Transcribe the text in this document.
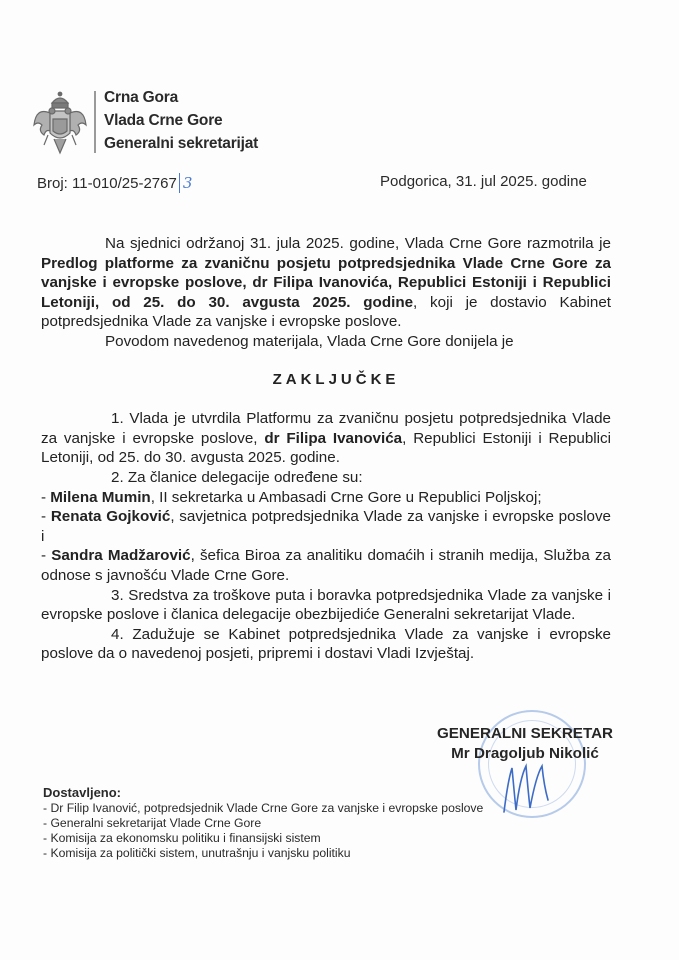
Crna Gora
Vlada Crne Gore
Generalni sekretarijat
Broj: 11-010/25-2767 3	Podgorica, 31. jul 2025. godine

Na sjednici održanoj 31. jula 2025. godine, Vlada Crne Gore razmotrila je Predlog platforme za zvaničnu posjetu potpredsjednika Vlade Crne Gore za vanjske i evropske poslove, dr Filipa Ivanovića, Republici Estoniji i Republici Letoniji, od 25. do 30. avgusta 2025. godine, koji je dostavio Kabinet potpredsjednika Vlade za vanjske i evropske poslove.

Povodom navedenog materijala, Vlada Crne Gore donijela je

ZAKLJUČKE

1. Vlada je utvrdila Platformu za zvaničnu posjetu potpredsjednika Vlade za vanjske i evropske poslove, dr Filipa Ivanovića, Republici Estoniji i Republici Letoniji, od 25. do 30. avgusta 2025. godine.

2. Za članice delegacije određene su:

- Milena Mumin, II sekretarka u Ambasadi Crne Gore u Republici Poljskoj;

- Renata Gojković, savjetnica potpredsjednika Vlade za vanjske i evropske poslove i

- Sandra Madžarović, šefica Biroa za analitiku domaćih i stranih medija, Služba za odnose s javnošću Vlade Crne Gore.

3. Sredstva za troškove puta i boravka potpredsjednika Vlade za vanjske i evropske poslove i članica delegacije obezbijediće Generalni sekretarijat Vlade.

4. Zadužuje se Kabinet potpredsjednika Vlade za vanjske i evropske poslove da o navedenoj posjeti, pripremi i dostavi Vladi Izvještaj.

GENERALNI SEKRETAR
Mr Dragoljub Nikolić
Dostavljeno:
- Dr Filip Ivanović, potpredsjednik Vlade Crne Gore za vanjske i evropske poslove
- Generalni sekretarijat Vlade Crne Gore
- Komisija za ekonomsku politiku i finansijski sistem
- Komisija za politički sistem, unutrašnju i vanjsku politiku
